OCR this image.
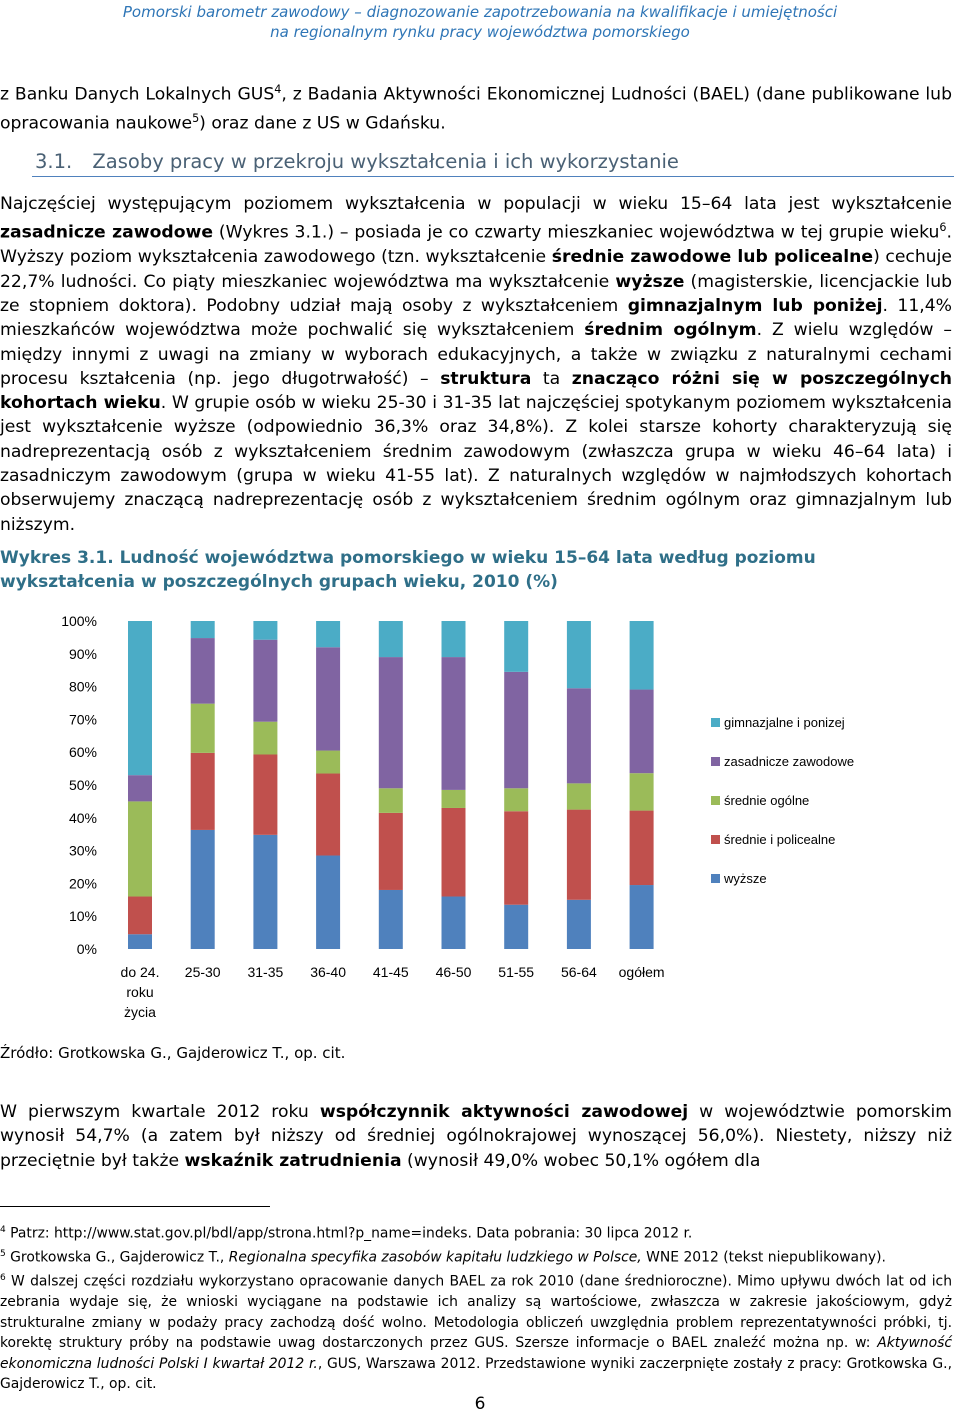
Pomorski barometr zawodowy – diagnozowanie zapotrzebowania na kwalifikacje i umiejętności
na regionalnym rynku pracy województwa pomorskiego

z Banku Danych Lokalnych GUS$^4$, z Badania Aktywności Ekonomicznej Ludności (BAEL) (dane publikowane lub opracowania naukowe$^5$) oraz dane z US w Gdańsku.

3.1. Zasoby pracy w przekroju wykształcenia i ich wykorzystanie

Najczęściej występującym poziomem wykształcenia w populacji w wieku 15–64 lata jest wykształcenie zasadnicze zawodowe (Wykres 3.1.) – posiada je co czwarty mieszkaniec województwa w tej grupie wieku$^6$. Wyższy poziom wykształcenia zawodowego (tzn. wykształcenie średnie zawodowe lub policealne) cechuje 22,7% ludności. Co piąty mieszkaniec województwa ma wykształcenie wyższe (magisterskie, licencjackie lub ze stopniem doktora). Podobny udział mają osoby z wykształceniem gimnazjalnym lub poniżej. 11,4% mieszkańców województwa może pochwalić się wykształceniem średnim ogólnym. Z wielu względów – między innymi z uwagi na zmiany w wyborach edukacyjnych, a także w związku z naturalnymi cechami procesu kształcenia (np. jego długotrwałość) – struktura ta znacząco różni się w poszczególnych kohortach wieku. W grupie osób w wieku 25-30 i 31-35 lat najczęściej spotykanym poziomem wykształcenia jest wykształcenie wyższe (odpowiednio 36,3% oraz 34,8%). Z kolei starsze kohorty charakteryzują się nadreprezentacją osób z wykształceniem średnim zawodowym (zwłaszcza grupa w wieku 46–64 lata) i zasadniczym zawodowym (grupa w wieku 41-55 lat). Z naturalnych względów w najmłodszych kohortach obserwujemy znaczącą nadreprezentację osób z wykształceniem średnim ogólnym oraz gimnazjalnym lub niższym.

Wykres 3.1. Ludność województwa pomorskiego w wieku 15–64 lata według poziomu wykształcenia w poszczególnych grupach wieku, 2010 (%)

0%
10%
20%
30%
40%
50%
60%
70%
80%
90%
100%
do 24. roku życia
25-30 31-35 36-40 41-45 46-50 51-55 56-64 ogółem
gimnazjalne i ponizej
zasadnicze zawodowe
średnie ogólne
średnie i policealne
wyższe
Źródło: Grotkowska G., Gajderowicz T., op. cit.

W pierwszym kwartale 2012 roku współczynnik aktywności zawodowej w województwie pomorskim wynosił 54,7% (a zatem był niższy od średniej ogólnokrajowej wynoszącej 56,0%). Niestety, niższy niż przeciętnie był także wskaźnik zatrudnienia (wynosił 49,0% wobec 50,1% ogółem dla

$^4$ Patrz: http://www.stat.gov.pl/bdl/app/strona.html?p_name=indeks. Data pobrania: 30 lipca 2012 r.

$^5$ Grotkowska G., Gajderowicz T., Regionalna specyfika zasobów kapitału ludzkiego w Polsce, WNE 2012 (tekst niepublikowany).

$^6$ W dalszej części rozdziału wykorzystano opracowanie danych BAEL za rok 2010 (dane średnioroczne). Mimo upływu dwóch lat od ich zebrania wydaje się, że wnioski wyciągane na podstawie ich analizy są wartościowe, zwłaszcza w zakresie jakościowym, gdyż strukturalne zmiany w podaży pracy zachodzą dość wolno. Metodologia obliczeń uwzględnia problem reprezentatywności próbki, tj. korektę struktury próby na podstawie uwag dostarczonych przez GUS. Szersze informacje o BAEL znaleźć można np. w: Aktywność ekonomiczna ludności Polski I kwartał 2012 r., GUS, Warszawa 2012. Przedstawione wyniki zaczerpnięte zostały z pracy: Grotkowska G., Gajderowicz T., op. cit.

6
